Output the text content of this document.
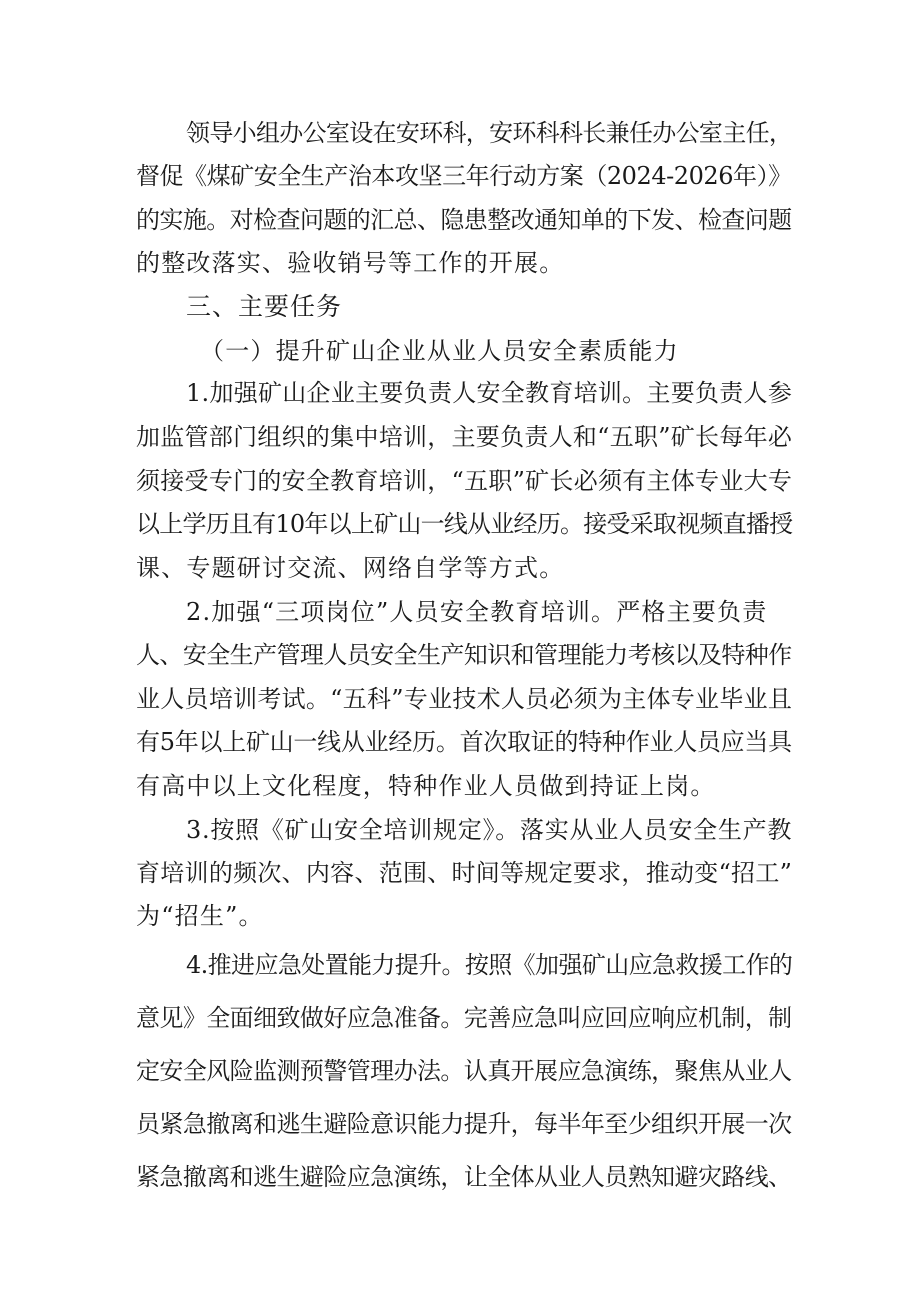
领导小组办公室设在安环科，安环科科长兼任办公室主任，
督促《煤矿安全生产治本攻坚三年行动方案（2024-2026年）》
的实施。对检查问题的汇总、隐患整改通知单的下发、检查问题
的整改落实、验收销号等工作的开展。
三、主要任务
（一）提升矿山企业从业人员安全素质能力
1.加强矿山企业主要负责人安全教育培训。主要负责人参
加监管部门组织的集中培训，主要负责人和“五职”矿长每年必
须接受专门的安全教育培训，“五职”矿长必须有主体专业大专
以上学历且有10年以上矿山一线从业经历。接受采取视频直播授
课、专题研讨交流、网络自学等方式。
2.加强“三项岗位”人员安全教育培训。严格主要负责
人、安全生产管理人员安全生产知识和管理能力考核以及特种作
业人员培训考试。“五科”专业技术人员必须为主体专业毕业且
有5年以上矿山一线从业经历。首次取证的特种作业人员应当具
有高中以上文化程度，特种作业人员做到持证上岗。
3.按照《矿山安全培训规定》。落实从业人员安全生产教
育培训的频次、内容、范围、时间等规定要求，推动变“招工”
为“招生”。
4.推进应急处置能力提升。按照《加强矿山应急救援工作的
意见》全面细致做好应急准备。完善应急叫应回应响应机制，制
定安全风险监测预警管理办法。认真开展应急演练，聚焦从业人
员紧急撤离和逃生避险意识能力提升，每半年至少组织开展一次
紧急撤离和逃生避险应急演练，让全体从业人员熟知避灾路线、
